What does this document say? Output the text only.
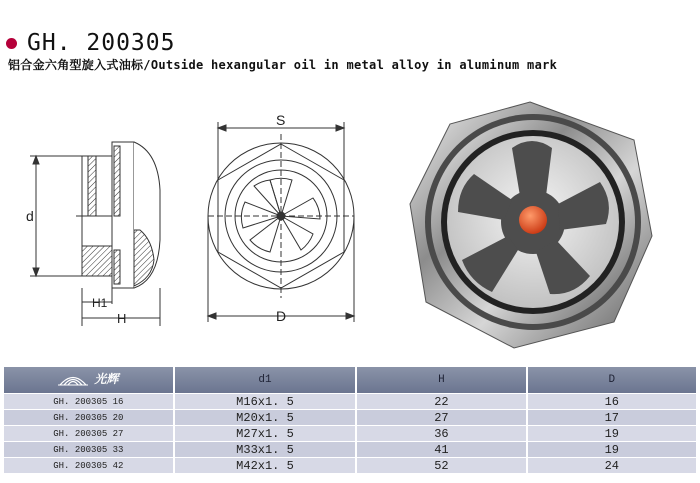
GH. 200305
铝合金六角型旋入式油标/Outside hexangular oil in metal alloy in aluminum mark
d
H1
H
S
D
光辉	d1	H	D
GH. 200305 16	M16x1. 5	22	16
GH. 200305 20	M20x1. 5	27	17
GH. 200305 27	M27x1. 5	36	19
GH. 200305 33	M33x1. 5	41	19
GH. 200305 42	M42x1. 5	52	24
